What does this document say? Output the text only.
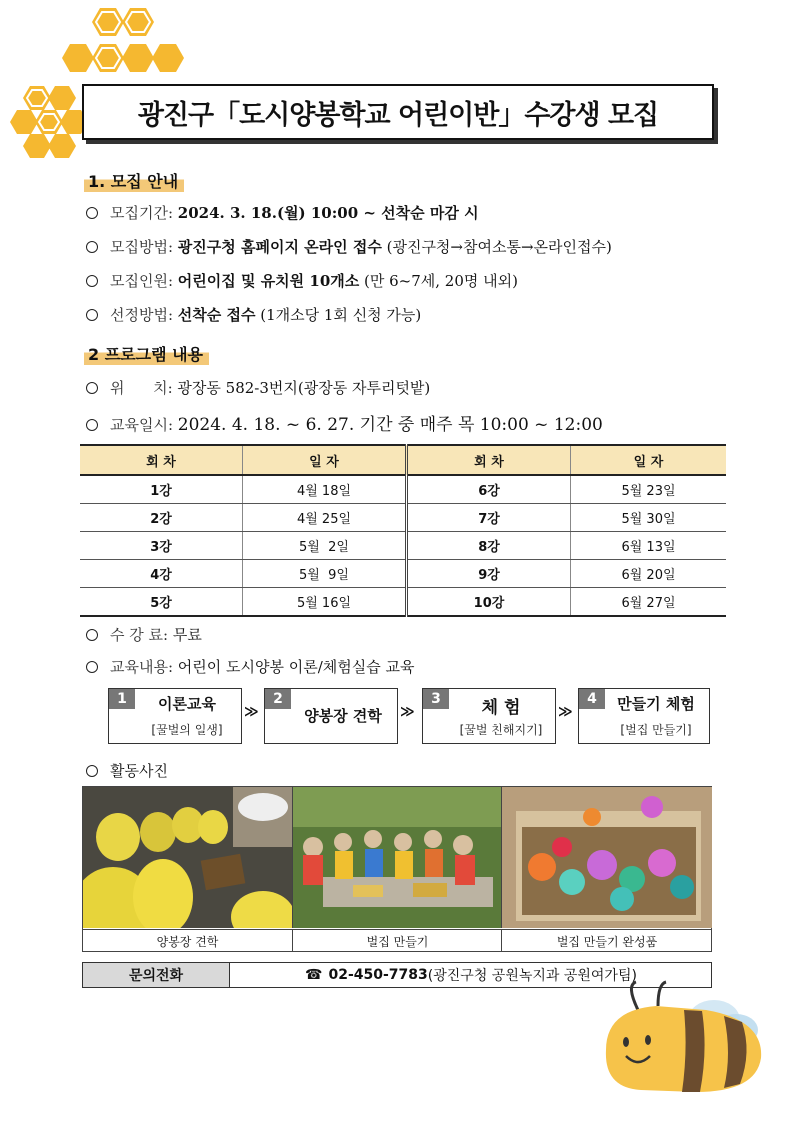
광진구「도시양봉학교 어린이반」수강생 모집
1. 모집 안내
모집기간: 2024. 3. 18.(월) 10:00 ~ 선착순 마감 시
모집방법: 광진구청 홈페이지 온라인 접수 (광진구청→참여소통→온라인접수)
모집인원: 어린이집 및 유치원 10개소 (만 6~7세, 20명 내외)
선정방법: 선착순 접수 (1개소당 1회 신청 가능)
2 프로그램 내용
위      치: 광장동 582-3번지(광장동 자투리텃밭)
교육일시: 2024. 4. 18. ~ 6. 27. 기간 중 매주 목 10:00 ~ 12:00
회 차	일 자	회 차	일 자
1강	4월 18일	6강	5월 23일
2강	4월 25일	7강	5월 30일
3강	5월  2일	8강	6월 13일
4강	5월  9일	9강	6월 20일
5강	5월 16일	10강	6월 27일
수 강 료: 무료
교육내용: 어린이 도시양봉 이론/체험실습 교육
1	이론교육
[꿀벌의 일생]
≫
2
양봉장 견학	≫
3	체 험
[꿀벌 친해지기]
≫
4	만들기 체험
[벌집 만들기]
활동사진
양봉장 견학	벌집 만들기	벌집 만들기 완성품
문의전화	☎ 02-450-7783 (광진구청 공원녹지과 공원여가팀)
